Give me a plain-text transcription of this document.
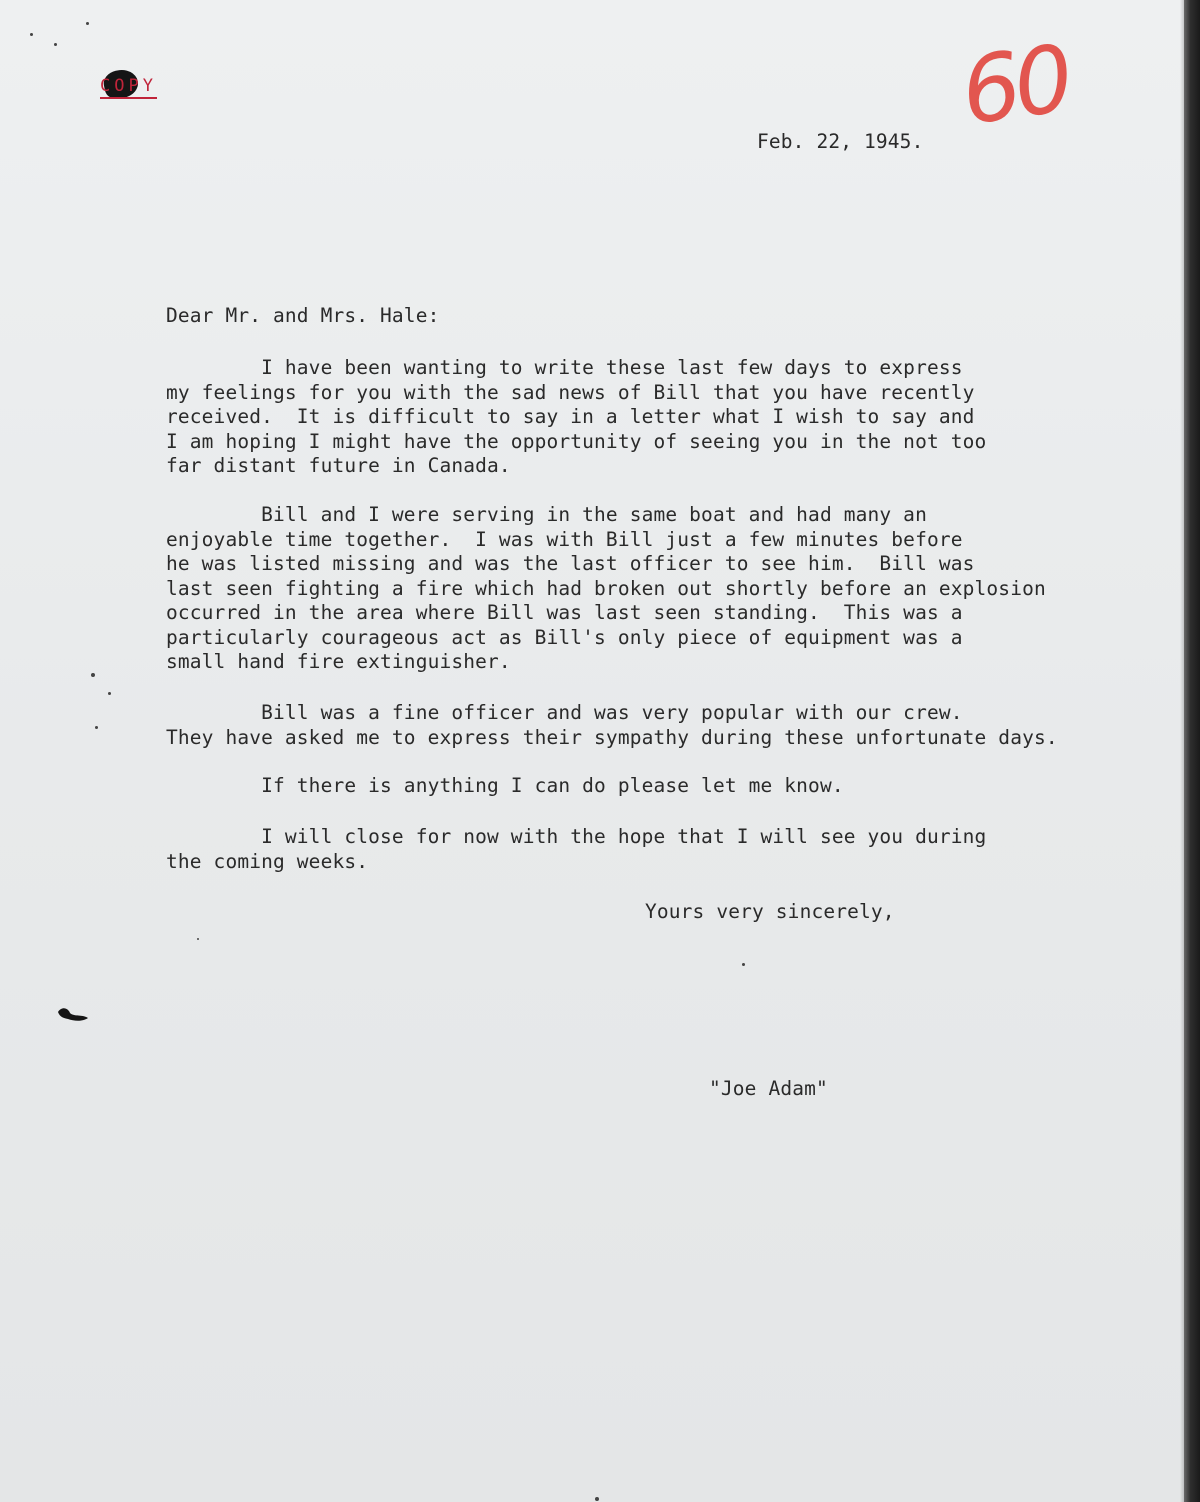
COPY	60

Feb. 22, 1945.

Dear Mr. and Mrs. Hale:

I have been wanting to write these last few days to express
my feelings for you with the sad news of Bill that you have recently
received.  It is difficult to say in a letter what I wish to say and
I am hoping I might have the opportunity of seeing you in the not too
far distant future in Canada.

Bill and I were serving in the same boat and had many an
enjoyable time together.  I was with Bill just a few minutes before
he was listed missing and was the last officer to see him.  Bill was
last seen fighting a fire which had broken out shortly before an explosion
occurred in the area where Bill was last seen standing.  This was a
particularly courageous act as Bill's only piece of equipment was a
small hand fire extinguisher.

Bill was a fine officer and was very popular with our crew.
They have asked me to express their sympathy during these unfortunate days.

If there is anything I can do please let me know.

I will close for now with the hope that I will see you during
the coming weeks.

Yours very sincerely,

"Joe Adam"
